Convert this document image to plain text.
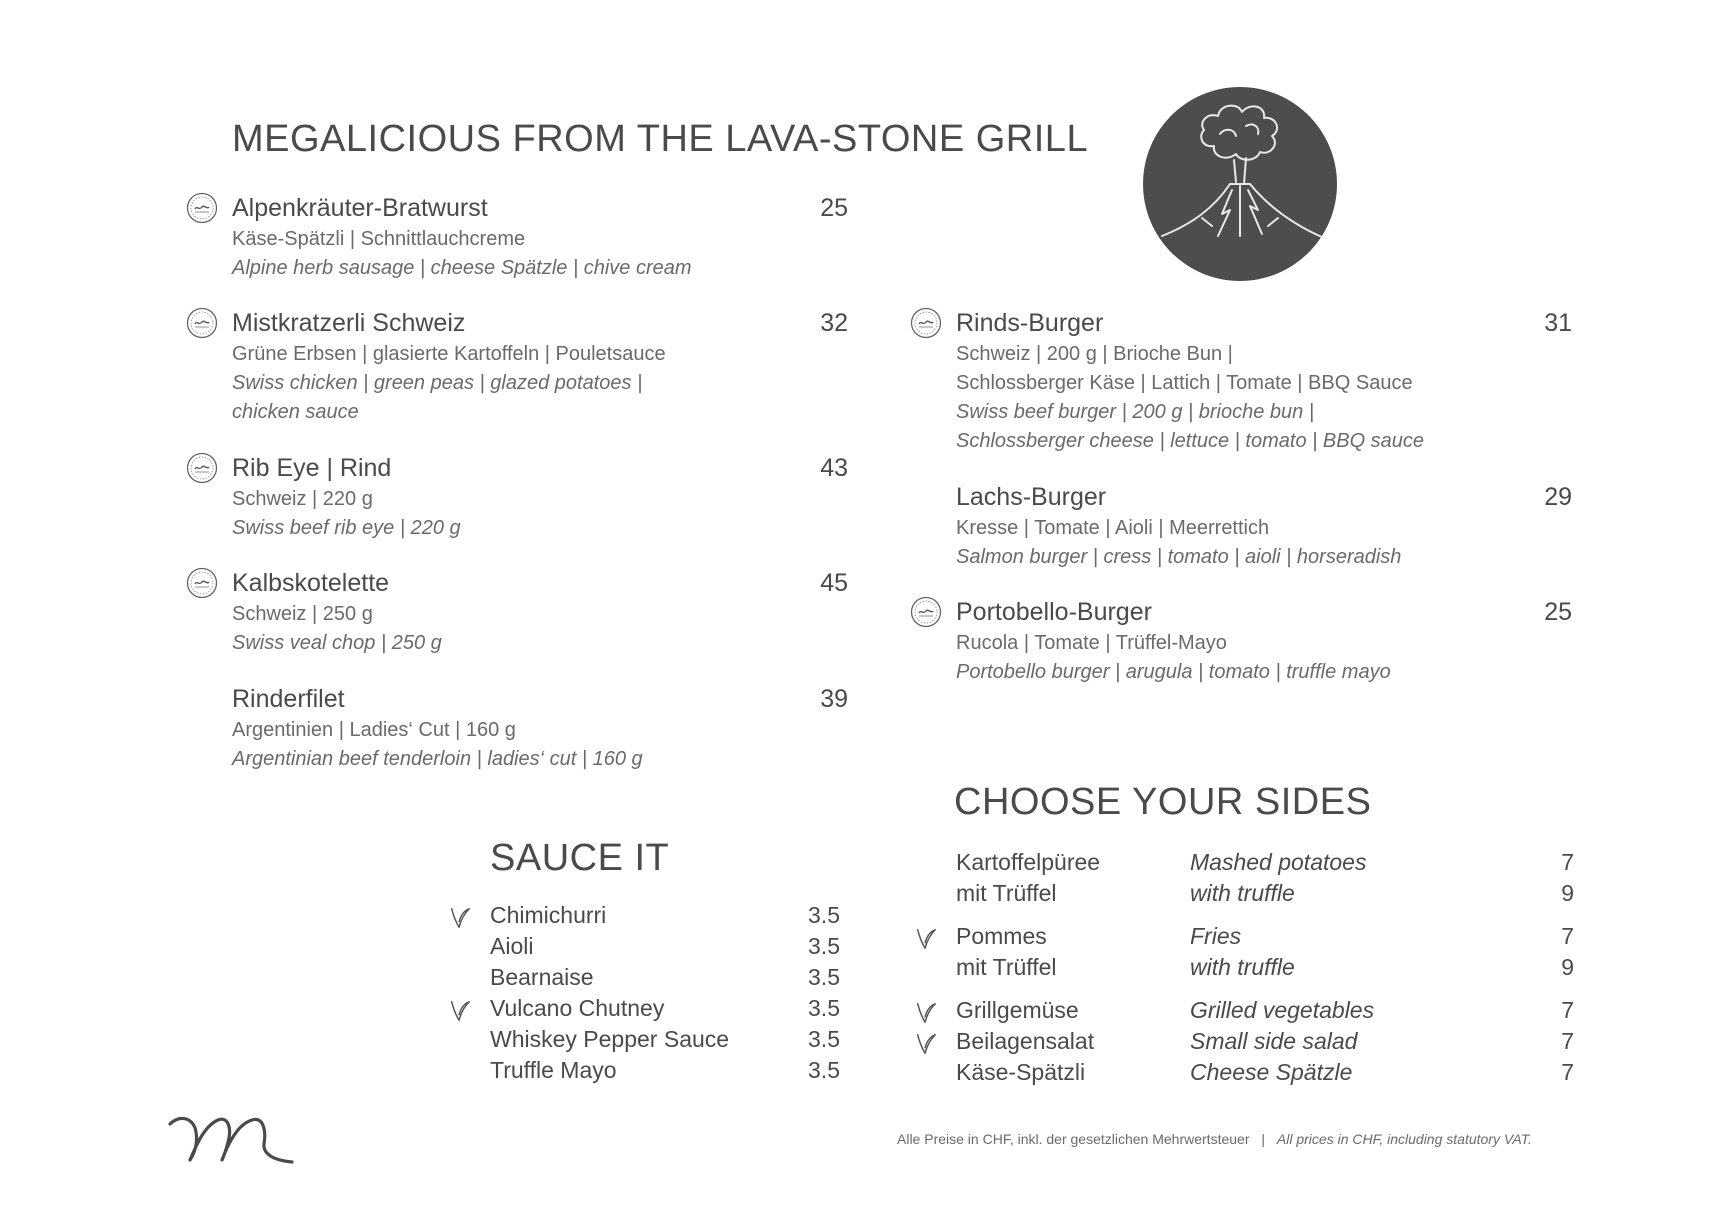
MEGALICIOUS FROM THE LAVA-STONE GRILL
Alpenkräuter-Bratwurst	25
Käse-Spätzli | Schnittlauchcreme
Alpine herb sausage | cheese Spätzle | chive cream
Mistkratzerli Schweiz	32
Grüne Erbsen | glasierte Kartoffeln | Pouletsauce
Swiss chicken | green peas | glazed potatoes |
chicken sauce
Rib Eye | Rind	43
Schweiz | 220 g
Swiss beef rib eye | 220 g
Kalbskotelette	45
Schweiz | 250 g
Swiss veal chop | 250 g
Rinderfilet	39
Argentinien | Ladies‘ Cut | 160 g
Argentinian beef tenderloin | ladies‘ cut | 160 g
Rinds-Burger	31
Schweiz | 200 g | Brioche Bun |
Schlossberger Käse | Lattich | Tomate | BBQ Sauce
Swiss beef burger | 200 g | brioche bun |
Schlossberger cheese | lettuce | tomato | BBQ sauce
Lachs-Burger	29
Kresse | Tomate | Aioli | Meerrettich
Salmon burger | cress | tomato | aioli | horseradish
Portobello-Burger	25
Rucola | Tomate | Trüffel-Mayo
Portobello burger | arugula | tomato | truffle mayo
SAUCE IT
Chimichurri	3.5
Aioli	3.5
Bearnaise	3.5
Vulcano Chutney	3.5
Whiskey Pepper Sauce	3.5
Truffle Mayo	3.5
CHOOSE YOUR SIDES
Kartoffelpüree	Mashed potatoes	7
mit Trüffel	with truffle	9
Pommes	Fries	7
mit Trüffel	with truffle	9
Grillgemüse	Grilled vegetables	7
Beilagensalat	Small side salad	7
Käse-Spätzli	Cheese Spätzle	7
Alle Preise in CHF, inkl. der gesetzlichen Mehrwertsteuer | All prices in CHF, including statutory VAT.
